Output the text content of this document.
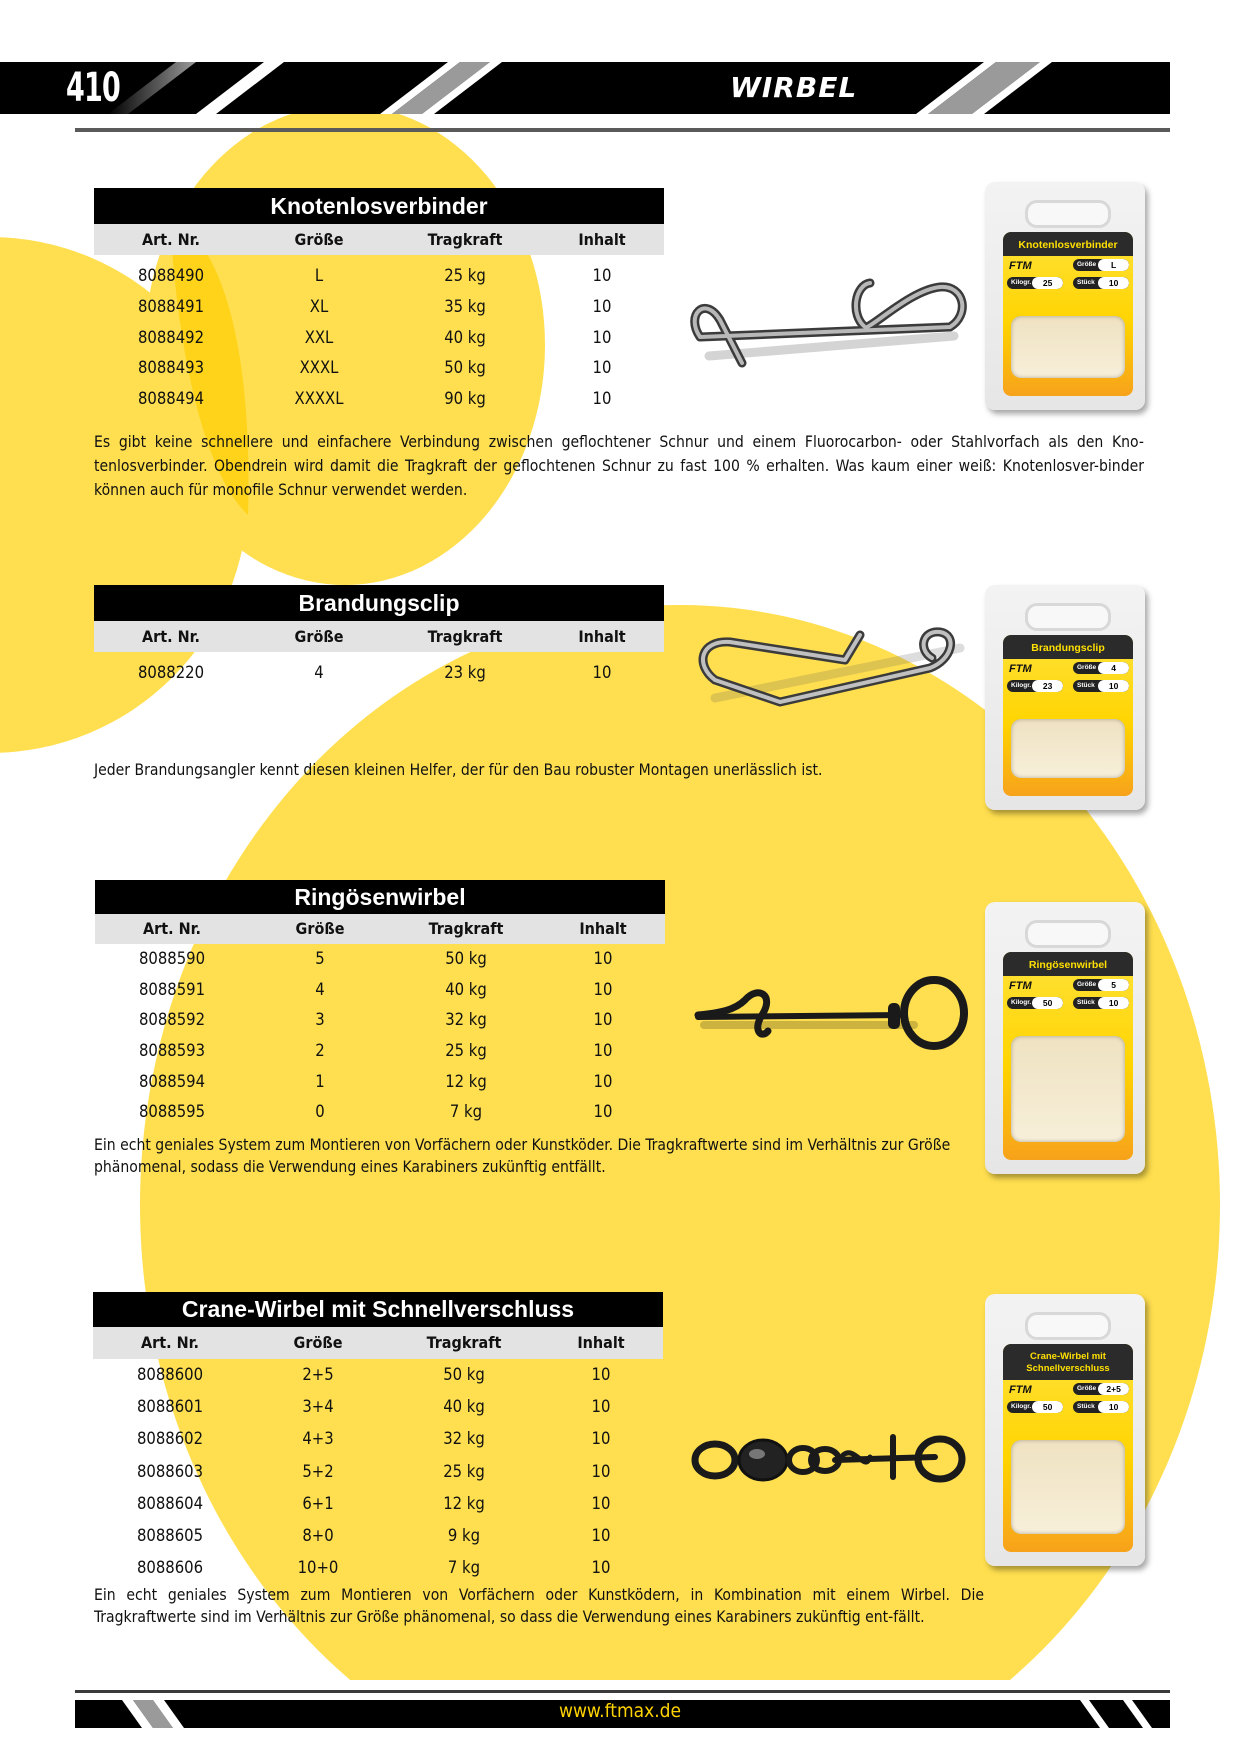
410	WIRBEL
Knotenlosverbinder
Art. Nr.	Größe	Tragkraft	Inhalt
8088490	L	25 kg	10
8088491	XL	35 kg	10
8088492	XXL	40 kg	10
8088493	XXXL	50 kg	10
8088494	XXXXL	90 kg	10
Es gibt keine schnellere und einfachere Verbindung zwischen geflochtener Schnur und einem Fluorocarbon- oder Stahlvorfach als den Kno-tenlosverbinder. Obendrein wird damit die Tragkraft der geflochtenen Schnur zu fast 100 % erhalten. Was kaum einer weiß: Knotenlosver-binder können auch für monofile Schnur verwendet werden.
Brandungsclip
Art. Nr.	Größe	Tragkraft	Inhalt
8088220	4	23 kg	10
Jeder Brandungsangler kennt diesen kleinen Helfer, der für den Bau robuster Montagen unerlässlich ist.
Ringösenwirbel
Art. Nr.	Größe	Tragkraft	Inhalt
8088590	5	50 kg	10
8088591	4	40 kg	10
8088592	3	32 kg	10
8088593	2	25 kg	10
8088594	1	12 kg	10
8088595	0	7 kg	10
Ein echt geniales System zum Montieren von Vorfächern oder Kunstköder. Die Tragkraftwerte sind im Verhältnis zur Größe phänomenal, sodass die Verwendung eines Karabiners zukünftig entfällt.
Crane-Wirbel mit Schnellverschluss
Art. Nr.	Größe	Tragkraft	Inhalt
8088600	2+5	50 kg	10
8088601	3+4	40 kg	10
8088602	4+3	32 kg	10
8088603	5+2	25 kg	10
8088604	6+1	12 kg	10
8088605	8+0	9 kg	10
8088606	10+0	7 kg	10
Ein echt geniales System zum Montieren von Vorfächern oder Kunstködern, in Kombination mit einem Wirbel. Die Tragkraftwerte sind im Verhältnis zur Größe phänomenal, so dass die Verwendung eines Karabiners zukünftig ent-fällt.
Knotenlosverbinder
FTM	Größe	L
Kilogr.	25	Stück	10
Brandungsclip
FTM	Größe	4
Kilogr.	23	Stück	10
Ringösenwirbel
FTM	Größe	5
Kilogr.	50	Stück	10
Crane-Wirbel mit Schnellverschluss
FTM	Größe	2+5
Kilogr.	50	Stück	10
www.ftmax.de
